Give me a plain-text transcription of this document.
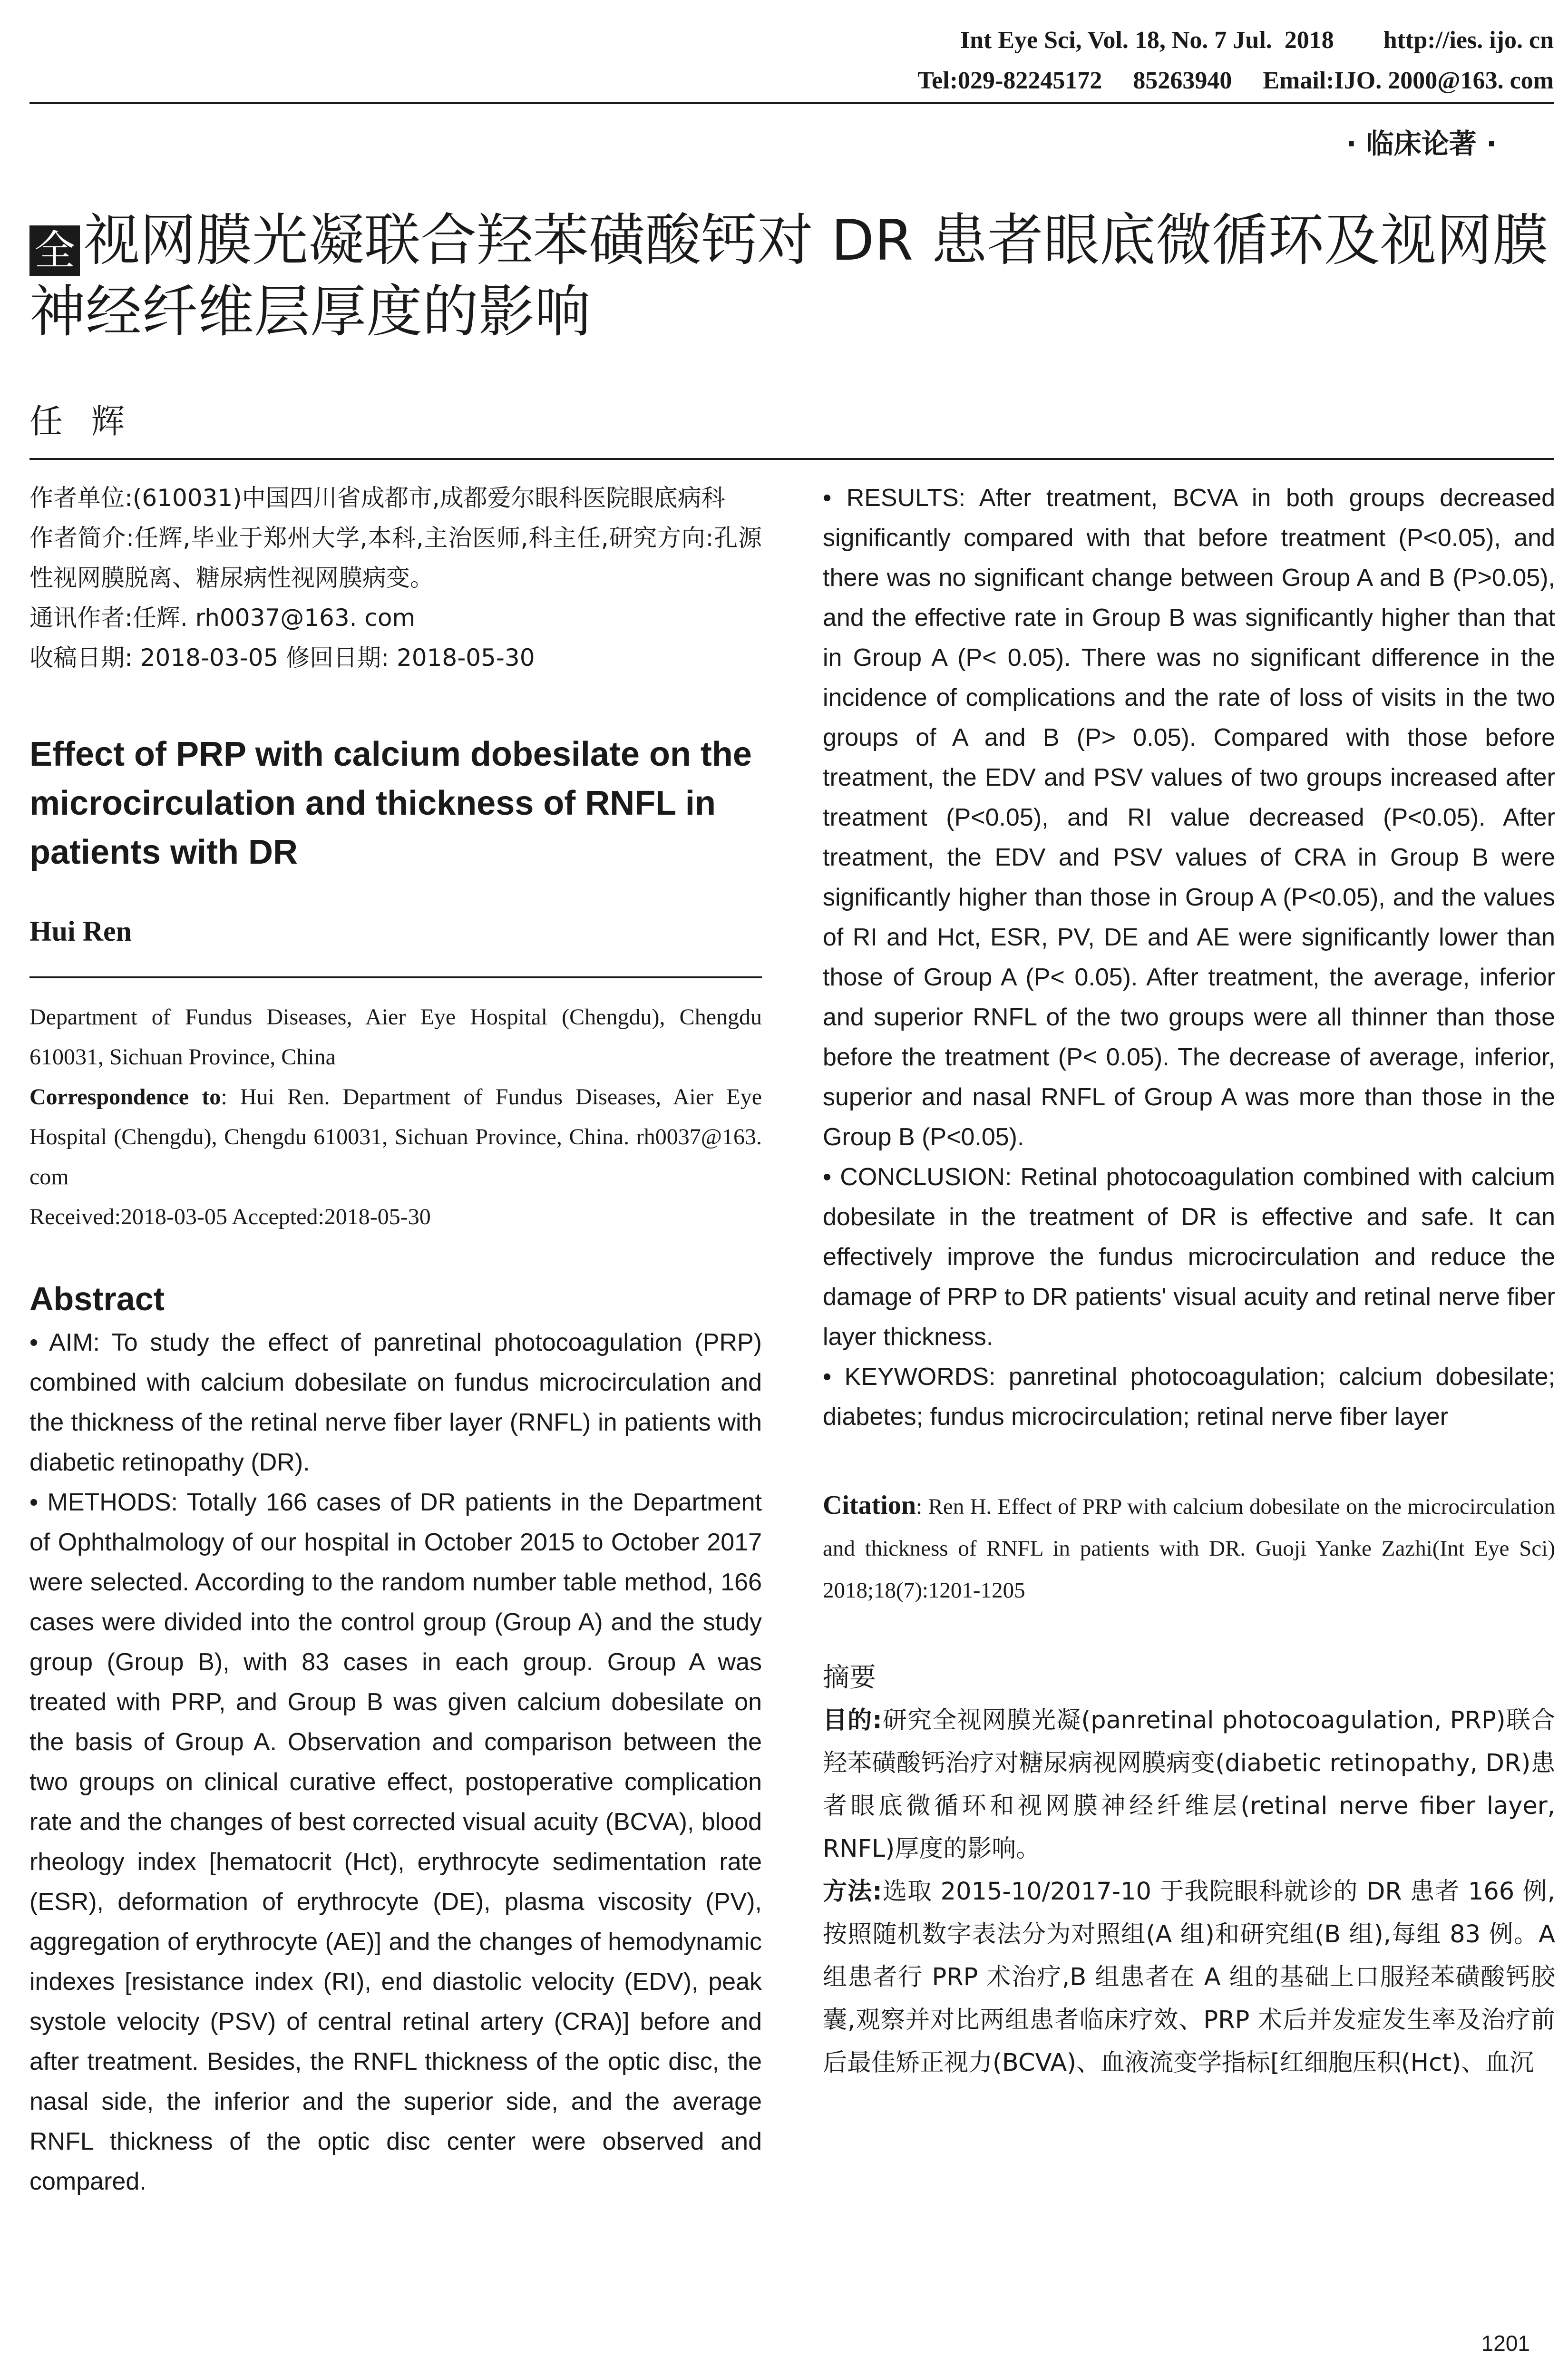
Int Eye Sci, Vol. 18, No. 7 Jul.  2018        http://ies. ijo. cn
Tel:029-82245172     85263940     Email:IJO. 2000@163. com
· 临床论著 ·
全 视网膜光凝联合羟苯磺酸钙对 DR 患者眼底微循环及视网膜神经纤维层厚度的影响
任辉

作者单位:(610031)中国四川省成都市,成都爱尔眼科医院眼底病科

作者简介:任辉,毕业于郑州大学,本科,主治医师,科主任,研究方向:孔源性视网膜脱离、糖尿病性视网膜病变。

通讯作者:任辉. rh0037@163. com

收稿日期: 2018-03-05 修回日期: 2018-05-30

Effect of PRP with calcium dobesilate on the microcirculation and thickness of RNFL in patients with DR

Hui Ren

Department of Fundus Diseases, Aier Eye Hospital (Chengdu), Chengdu 610031, Sichuan Province, China

Correspondence to: Hui Ren. Department of Fundus Diseases, Aier Eye Hospital (Chengdu), Chengdu 610031, Sichuan Province, China. rh0037@163. com

Received:2018-03-05 Accepted:2018-05-30

Abstract

• AIM: To study the effect of panretinal photocoagulation (PRP) combined with calcium dobesilate on fundus microcirculation and the thickness of the retinal nerve fiber layer (RNFL) in patients with diabetic retinopathy (DR).

• METHODS: Totally 166 cases of DR patients in the Department of Ophthalmology of our hospital in October 2015 to October 2017 were selected. According to the random number table method, 166 cases were divided into the control group (Group A) and the study group (Group B), with 83 cases in each group. Group A was treated with PRP, and Group B was given calcium dobesilate on the basis of Group A. Observation and comparison between the two groups on clinical curative effect, postoperative complication rate and the changes of best corrected visual acuity (BCVA), blood rheology index [hematocrit (Hct), erythrocyte sedimentation rate (ESR), deformation of erythrocyte (DE), plasma viscosity (PV), aggregation of erythrocyte (AE)] and the changes of hemodynamic indexes [resistance index (RI), end diastolic velocity (EDV), peak systole velocity (PSV) of central retinal artery (CRA)] before and after treatment. Besides, the RNFL thickness of the optic disc, the nasal side, the inferior and the superior side, and the average RNFL thickness of the optic disc center were observed and compared.

• RESULTS: After treatment, BCVA in both groups decreased significantly compared with that before treatment (P<0.05), and there was no significant change between Group A and B (P>0.05), and the effective rate in Group B was significantly higher than that in Group A (P< 0.05). There was no significant difference in the incidence of complications and the rate of loss of visits in the two groups of A and B (P> 0.05). Compared with those before treatment, the EDV and PSV values of two groups increased after treatment (P<0.05), and RI value decreased (P<0.05). After treatment, the EDV and PSV values of CRA in Group B were significantly higher than those in Group A (P<0.05), and the values of RI and Hct, ESR, PV, DE and AE were significantly lower than those of Group A (P< 0.05). After treatment, the average, inferior and superior RNFL of the two groups were all thinner than those before the treatment (P< 0.05). The decrease of average, inferior, superior and nasal RNFL of Group A was more than those in the Group B (P<0.05).

• CONCLUSION: Retinal photocoagulation combined with calcium dobesilate in the treatment of DR is effective and safe. It can effectively improve the fundus microcirculation and reduce the damage of PRP to DR patients' visual acuity and retinal nerve fiber layer thickness.

• KEYWORDS: panretinal photocoagulation; calcium dobesilate; diabetes; fundus microcirculation; retinal nerve fiber layer

Citation: Ren H. Effect of PRP with calcium dobesilate on the microcirculation and thickness of RNFL in patients with DR. Guoji Yanke Zazhi(Int Eye Sci) 2018;18(7):1201-1205

摘要

目的:研究全视网膜光凝(panretinal photocoagulation, PRP)联合羟苯磺酸钙治疗对糖尿病视网膜病变(diabetic retinopathy, DR)患者眼底微循环和视网膜神经纤维层(retinal nerve fiber layer, RNFL)厚度的影响。

方法:选取 2015-10/2017-10 于我院眼科就诊的 DR 患者 166 例,按照随机数字表法分为对照组(A 组)和研究组(B 组),每组 83 例。A 组患者行 PRP 术治疗,B 组患者在 A 组的基础上口服羟苯磺酸钙胶囊,观察并对比两组患者临床疗效、PRP 术后并发症发生率及治疗前后最佳矫正视力(BCVA)、血液流变学指标[红细胞压积(Hct)、血沉

1201
